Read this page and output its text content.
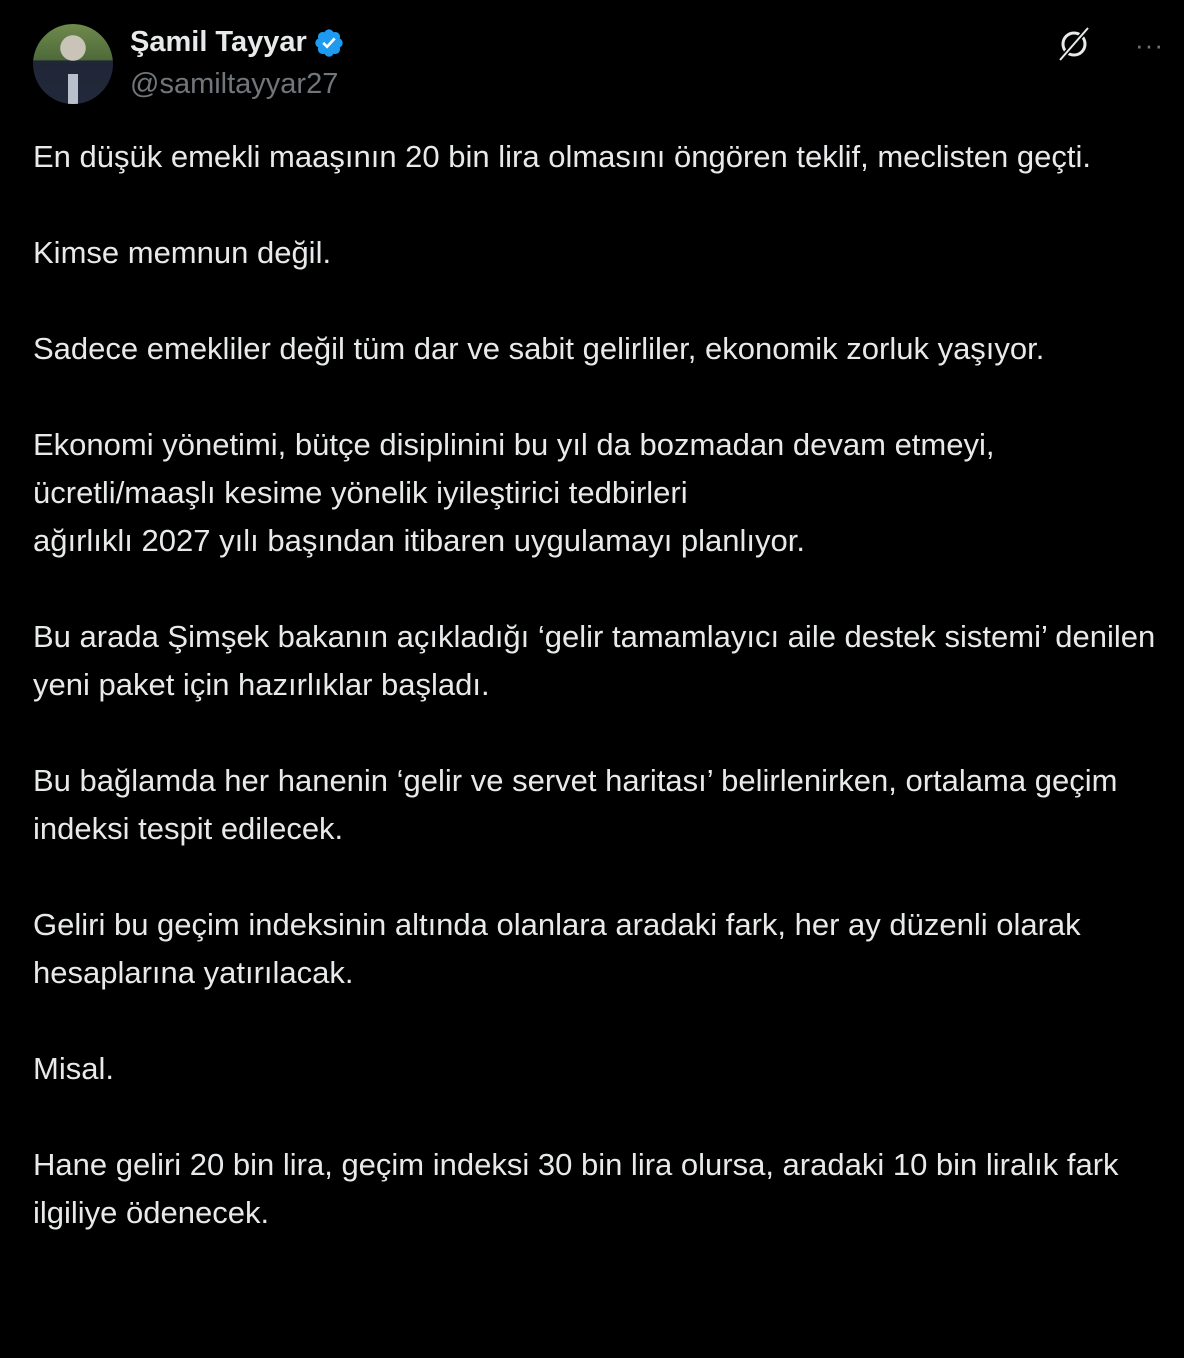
Şamil Tayyar
@samiltayyar27
···

En düşük emekli maaşının 20 bin lira olmasını öngören teklif, meclisten geçti.

Kimse memnun değil.

Sadece emekliler değil tüm dar ve sabit gelirliler, ekonomik zorluk yaşıyor.

Ekonomi yönetimi, bütçe disiplinini bu yıl da bozmadan devam etmeyi, ücretli/maaşlı kesime yönelik iyileştirici tedbirleri
ağırlıklı 2027 yılı başından itibaren uygulamayı planlıyor.

Bu arada Şimşek bakanın açıkladığı ‘gelir tamamlayıcı aile destek sistemi’ denilen yeni paket için hazırlıklar başladı.

Bu bağlamda her hanenin ‘gelir ve servet haritası’ belirlenirken, ortalama geçim indeksi tespit edilecek.

Geliri bu geçim indeksinin altında olanlara aradaki fark, her ay düzenli olarak hesaplarına yatırılacak.

Misal.

Hane geliri 20 bin lira, geçim indeksi 30 bin lira olursa, aradaki 10 bin liralık fark ilgiliye ödenecek.
